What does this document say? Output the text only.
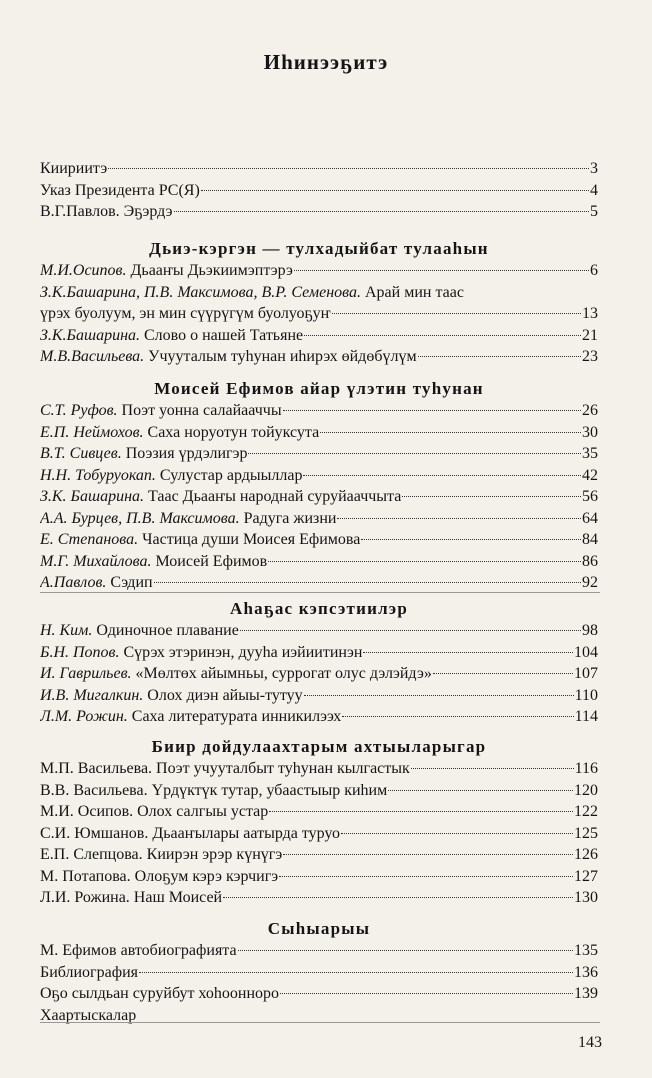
Иhинээҕитэ
Киириитэ	3
Указ Президента РС(Я)	4
В.Г.Павлов. Эҕэрдэ	5
Дьиэ-кэргэн — тулхадыйбат тулааhын
М.И.Осипов. Дьааҥы Дьэкиимэптэрэ	6
З.К.Башарина, П.В. Максимова, В.Р. Семенова. Арай мин таас
үрэх буолуум, эн мин сүүрүгүм буолуоҕуҥ	13
З.К.Башарина. Слово о нашей Татьяне	21
М.В.Васильева. Учууталым туhунан иhирэх өйдөбүлүм	23
Моисей Ефимов айар үлэтин туhунан
С.Т. Руфов. Поэт уонна салайааччы	26
Е.П. Неймохов. Саха норуотун тойуксута	30
В.Т. Сивцев. Поэзия үрдэлигэр	35
Н.Н. Тобуруокап. Сулустар ардыыллар	42
З.К. Башарина. Таас Дьааҥы народнай суруйааччыта	56
А.А. Бурцев, П.В. Максимова. Радуга жизни	64
Е. Степанова. Частица души Моисея Ефимова	84
М.Г. Михайлова. Моисей Ефимов	86
А.Павлов. Сэдип	92
Аhаҕас кэпсэтиилэр
Н. Ким. Одиночное плавание	98
Б.Н. Попов. Сүрэх этэринэн, дууhа иэйиитинэн	104
И. Гаврильев. «Мөлтөх айымньы, суррогат олус дэлэйдэ»	107
И.В. Мигалкин. Олох диэн айыы-тутуу	110
Л.М. Рожин. Саха литературата инникилээх	114
Биир дойдулаахтарым ахтыыларыгар
М.П. Васильева. Поэт учууталбыт туhунан кылгастык	116
В.В. Васильева. Үрдүктүк тутар, убаастыыр киhим	120
М.И. Осипов. Олох салгыы устар	122
С.И. Юмшанов. Дьааҥылары аатырда туруо	125
Е.П. Слепцова. Киирэн эрэр күнүгэ	126
М. Потапова. Олоҕум кэрэ кэрчигэ	127
Л.И. Рожина. Наш Моисей	130
Сыhыарыы
М. Ефимов автобиографията	135
Библиография	136
Оҕо сылдьан суруйбут хоhооннoро	139
Хаартыскалар
143
